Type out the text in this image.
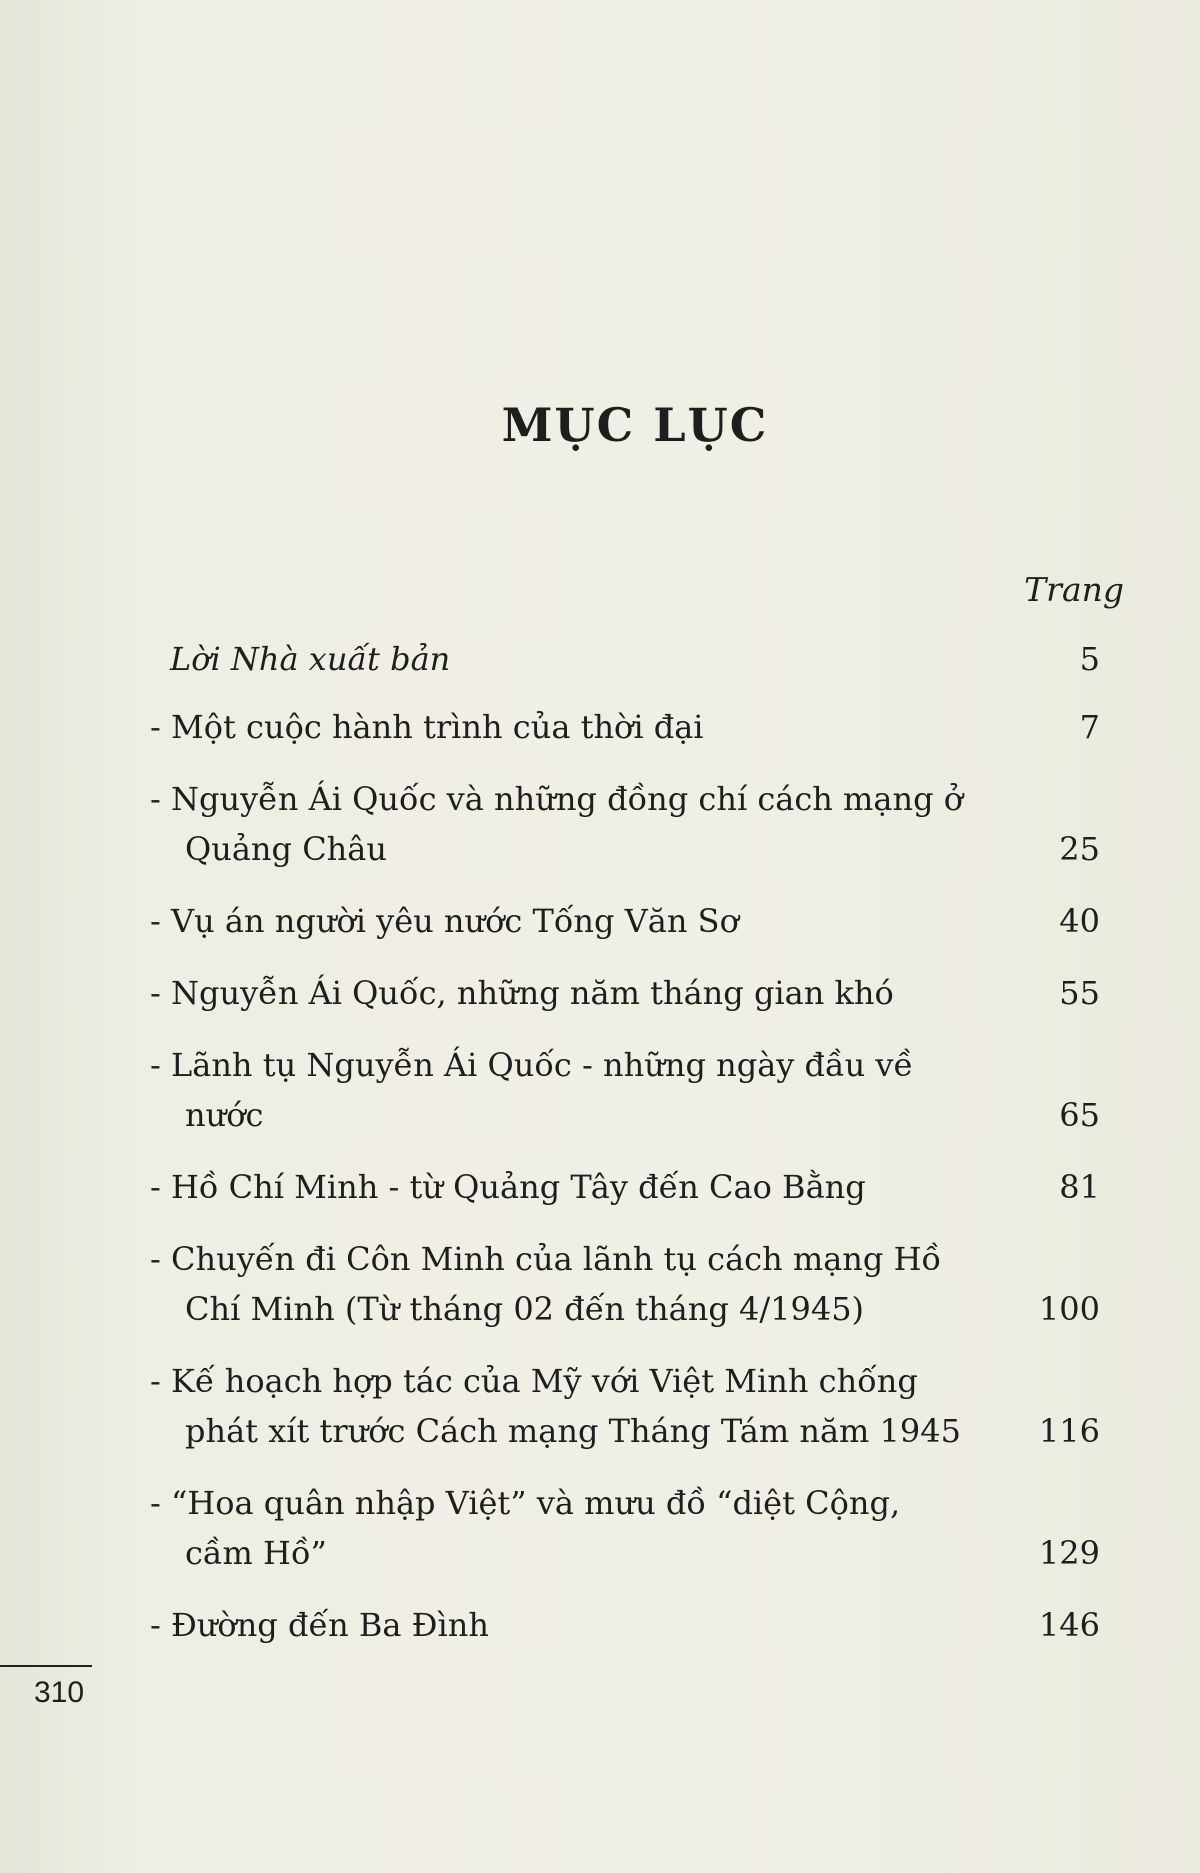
MỤC LỤC
Trang
Lời Nhà xuất bản	5
- Một cuộc hành trình của thời đại	7
- Nguyễn Ái Quốc và những đồng chí cách mạng ở Quảng Châu	25
- Vụ án người yêu nước Tống Văn Sơ	40
- Nguyễn Ái Quốc, những năm tháng gian khó	55
- Lãnh tụ Nguyễn Ái Quốc - những ngày đầu về nước	65
- Hồ Chí Minh - từ Quảng Tây đến Cao Bằng	81
- Chuyến đi Côn Minh của lãnh tụ cách mạng Hồ Chí Minh (Từ tháng 02 đến tháng 4/1945)	100
- Kế hoạch hợp tác của Mỹ với Việt Minh chống phát xít trước Cách mạng Tháng Tám năm 1945	116
- “Hoa quân nhập Việt” và mưu đồ “diệt Cộng, cầm Hồ”	129
- Đường đến Ba Đình	146
310
